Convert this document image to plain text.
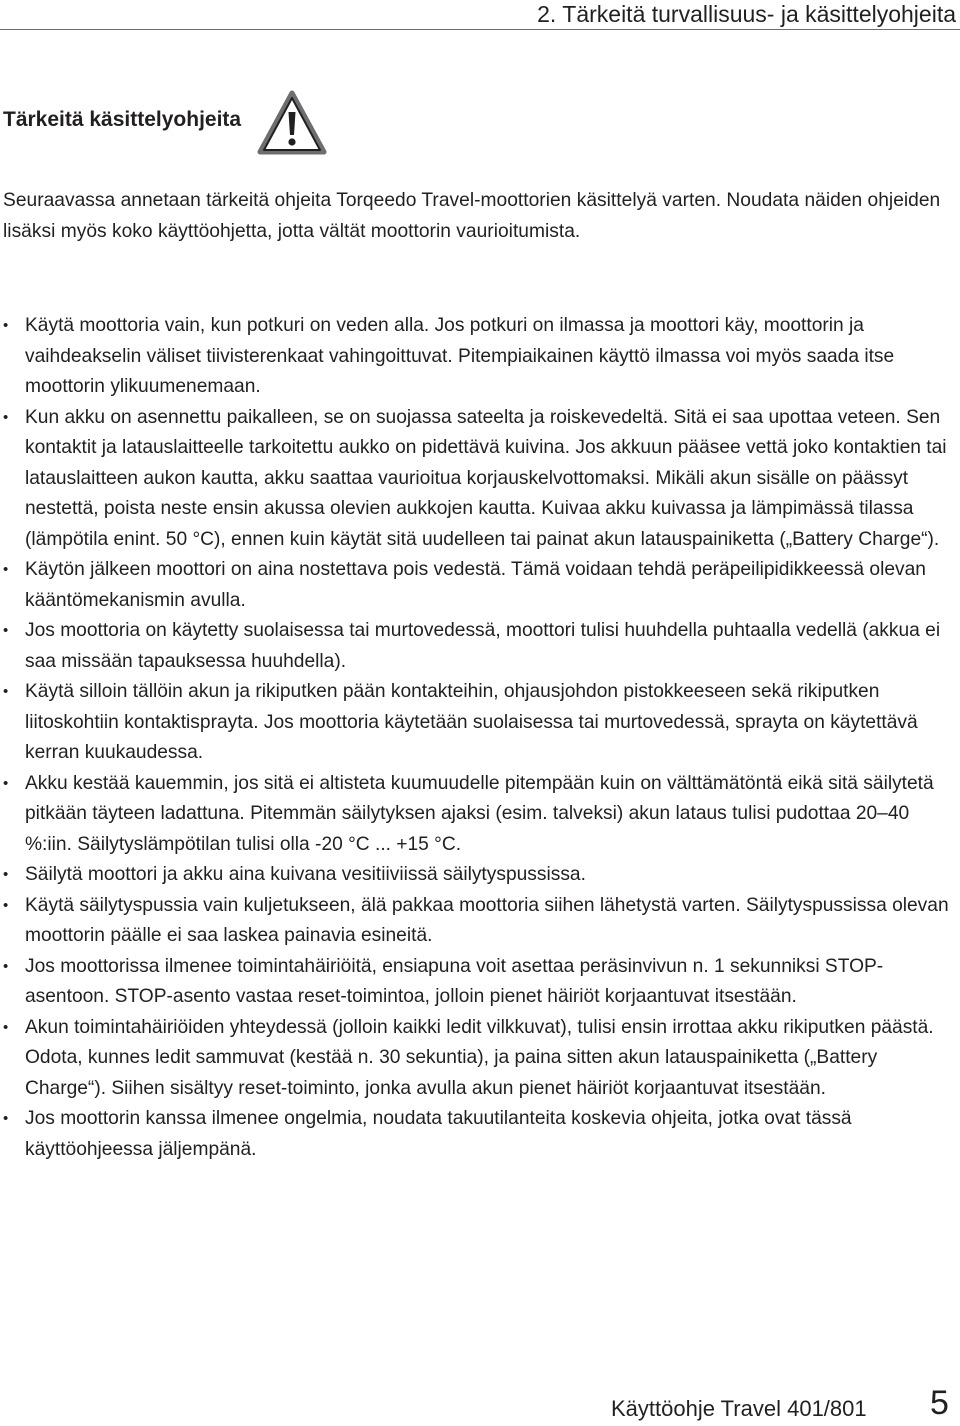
2. Tärkeitä turvallisuus- ja käsittelyohjeita
Tärkeitä käsittelyohjeita
Seuraavassa annetaan tärkeitä ohjeita Torqeedo Travel-moottorien käsittelyä varten. Noudata näiden ohjeiden lisäksi myös koko käyttöohjetta, jotta vältät moottorin vaurioitumista.
• Käytä moottoria vain, kun potkuri on veden alla. Jos potkuri on ilmassa ja moottori käy, moottorin ja vaihdeakselin väliset tiivisterenkaat vahingoittuvat. Pitempiaikainen käyttö ilmassa voi myös saada itse moottorin ylikuumenemaan.
• Kun akku on asennettu paikalleen, se on suojassa sateelta ja roiskevedeltä. Sitä ei saa upottaa veteen. Sen kontaktit ja latauslaitteelle tarkoitettu aukko on pidettävä kuivina. Jos akkuun pääsee vettä joko kontaktien tai latauslaitteen aukon kautta, akku saattaa vaurioitua korjauskelvottomaksi. Mikäli akun sisälle on päässyt nestettä, poista neste ensin akussa olevien aukkojen kautta. Kuivaa akku kuivassa ja lämpimässä tilassa (lämpötila enint. 50 °C), ennen kuin käytät sitä uudelleen tai painat akun latauspainiketta („Battery Charge“).
• Käytön jälkeen moottori on aina nostettava pois vedestä. Tämä voidaan tehdä peräpeilipidikkeessä olevan kääntömekanismin avulla.
• Jos moottoria on käytetty suolaisessa tai murtovedessä, moottori tulisi huuhdella puhtaalla vedellä (akkua ei saa missään tapauksessa huuhdella).
• Käytä silloin tällöin akun ja rikiputken pään kontakteihin, ohjausjohdon pistokkeeseen sekä rikiputken liitoskohtiin kontaktisprayta. Jos moottoria käytetään suolaisessa tai murtovedessä, sprayta on käytettävä kerran kuukaudessa.
• Akku kestää kauemmin, jos sitä ei altisteta kuumuudelle pitempään kuin on välttämätöntä eikä sitä säilytetä pitkään täyteen ladattuna. Pitemmän säilytyksen ajaksi (esim. talveksi) akun lataus tulisi pudottaa 20–40 %:iin. Säilytyslämpötilan tulisi olla -20 °C ... +15 °C.
• Säilytä moottori ja akku aina kuivana vesitiiviissä säilytyspussissa.
• Käytä säilytyspussia vain kuljetukseen, älä pakkaa moottoria siihen lähetystä varten. Säilytyspussissa olevan moottorin päälle ei saa laskea painavia esineitä.
• Jos moottorissa ilmenee toimintahäiriöitä, ensiapuna voit asettaa peräsinvivun n. 1 sekunniksi STOP-asentoon. STOP-asento vastaa reset-toimintoa, jolloin pienet häiriöt korjaantuvat itsestään.
• Akun toimintahäiriöiden yhteydessä (jolloin kaikki ledit vilkkuvat), tulisi ensin irrottaa akku rikiputken päästä. Odota, kunnes ledit sammuvat (kestää n. 30 sekuntia), ja paina sitten akun latauspainiketta („Battery Charge“). Siihen sisältyy reset-toiminto, jonka avulla akun pienet häiriöt korjaantuvat itsestään.
• Jos moottorin kanssa ilmenee ongelmia, noudata takuutilanteita koskevia ohjeita, jotka ovat tässä käyttöohjeessa jäljempänä.
Käyttöohje Travel 401/801 5
